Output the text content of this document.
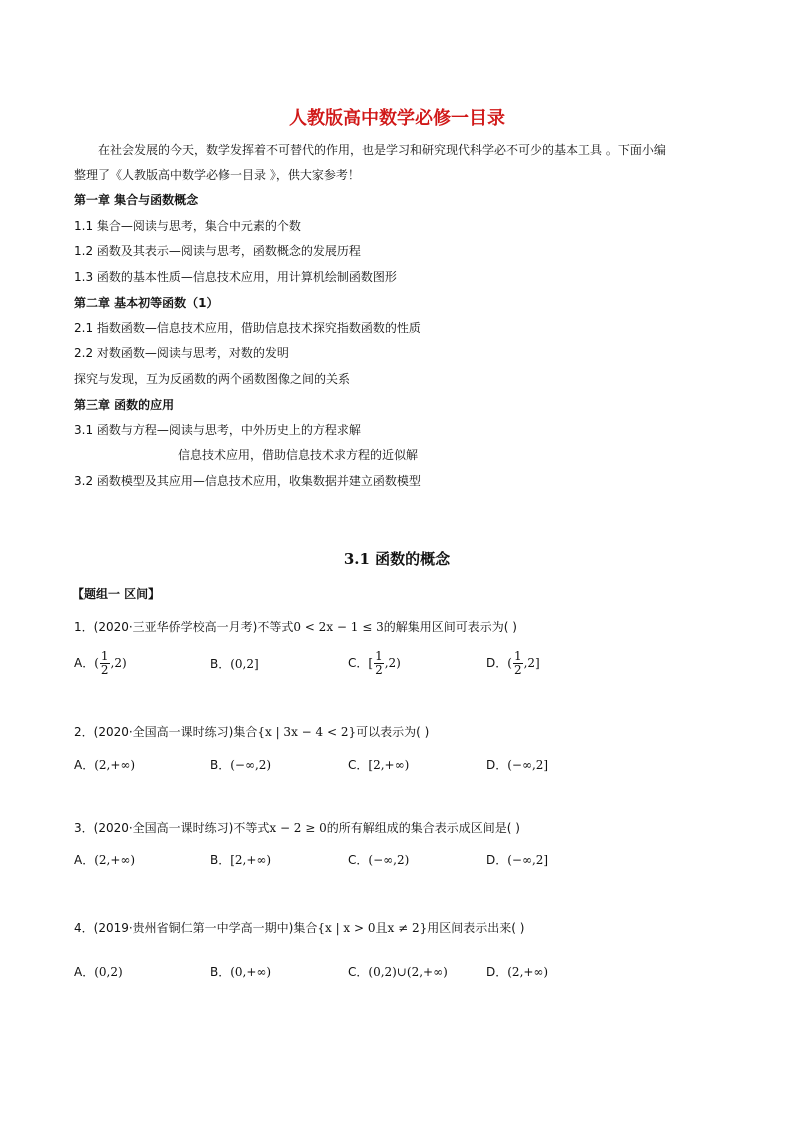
人教版高中数学必修一目录
在社会发展的今天，数学发挥着不可替代的作用，也是学习和研究现代科学必不可少的基本工具 。下面小编
整理了《人教版高中数学必修一目录 》，供大家参考！
第一章 集合与函数概念
1.1 集合—阅读与思考，集合中元素的个数
1.2 函数及其表示—阅读与思考，函数概念的发展历程
1.3 函数的基本性质—信息技术应用，用计算机绘制函数图形
第二章 基本初等函数（1）
2.1 指数函数—信息技术应用，借助信息技术探究指数函数的性质
2.2 对数函数—阅读与思考，对数的发明
探究与发现，互为反函数的两个函数图像之间的关系
第三章 函数的应用
3.1 函数与方程—阅读与思考，中外历史上的方程求解
信息技术应用，借助信息技术求方程的近似解
3.2 函数模型及其应用—信息技术应用，收集数据并建立函数模型
3.1 函数的概念
【题组一 区间】
1．(2020·三亚华侨学校高一月考)不等式0 < 2x − 1 ≤ 3的解集用区间可表示为( )
A．( $\frac{1}{2} ,2$)	B．(0,2]	C．[ $\frac{1}{2} ,2$)	D．( $\frac{1}{2} ,2$]
2．(2020·全国高一课时练习)集合{x | 3x − 4 < 2}可以表示为( )
A．(2,+∞)	B．(−∞,2)	C．[2,+∞)	D．(−∞,2]
3．(2020·全国高一课时练习)不等式x − 2 ≥ 0的所有解组成的集合表示成区间是( )
A．(2,+∞)	B．[2,+∞)	C．(−∞,2)	D．(−∞,2]
4．(2019·贵州省铜仁第一中学高一期中)集合{x | x > 0且x ≠ 2}用区间表示出来( )
A．(0,2)	B．(0,+∞)	C．(0,2)∪(2,+∞)	D．(2,+∞)
